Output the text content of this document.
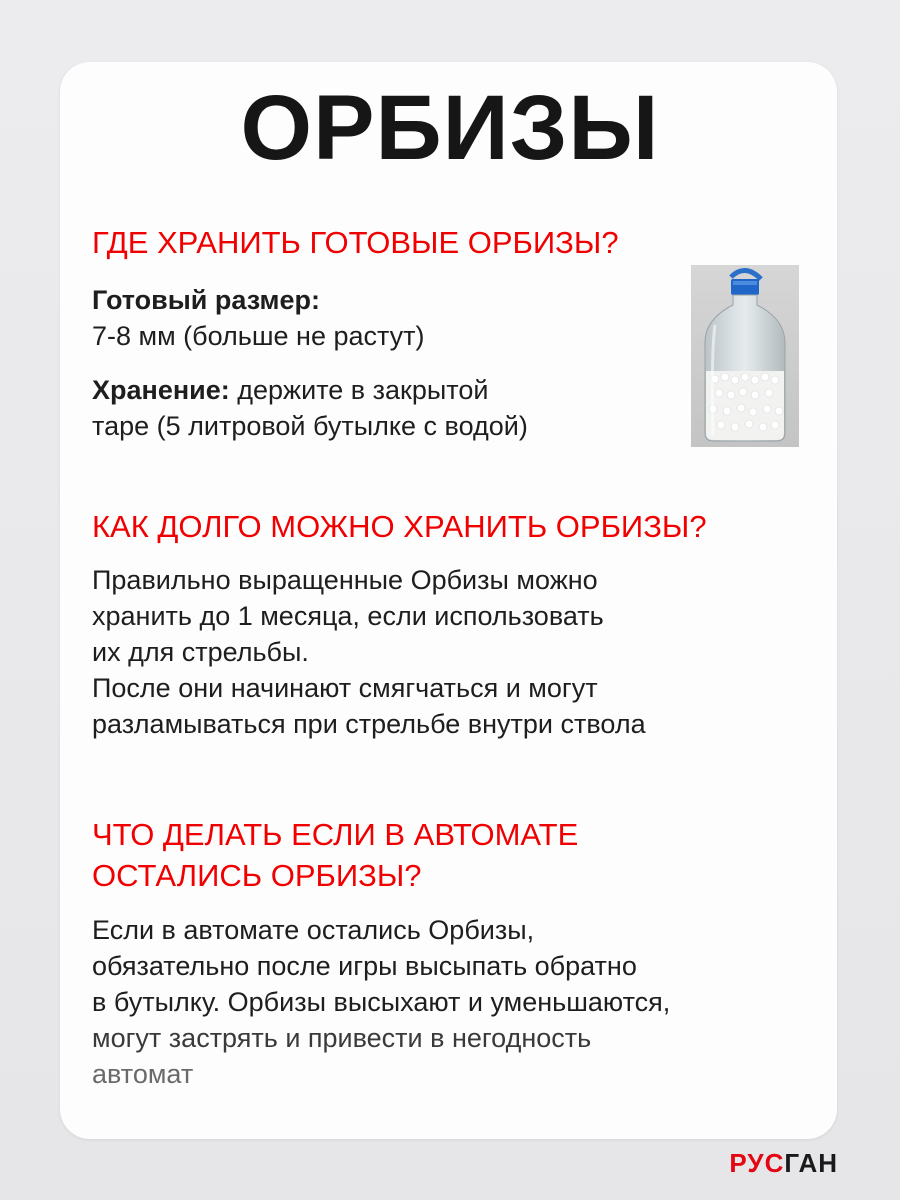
ОРБИЗЫ
ГДЕ ХРАНИТЬ ГОТОВЫЕ ОРБИЗЫ?

Готовый размер:
7-8 мм (больше не растут)

Хранение: держите в закрытой
таре (5 литровой бутылке с водой)

КАК ДОЛГО МОЖНО ХРАНИТЬ ОРБИЗЫ?

Правильно выращенные Орбизы можно
хранить до 1 месяца, если использовать
их для стрельбы.
После они начинают смягчаться и могут
разламываться при стрельбе внутри ствола

ЧТО ДЕЛАТЬ ЕСЛИ В АВТОМАТЕ
ОСТАЛИСЬ ОРБИЗЫ?

Если в автомате остались Орбизы,
обязательно после игры высыпать обратно
в бутылку. Орбизы высыхают и уменьшаются,
могут застрять и привести в негодность
автомат

РУСГАН
